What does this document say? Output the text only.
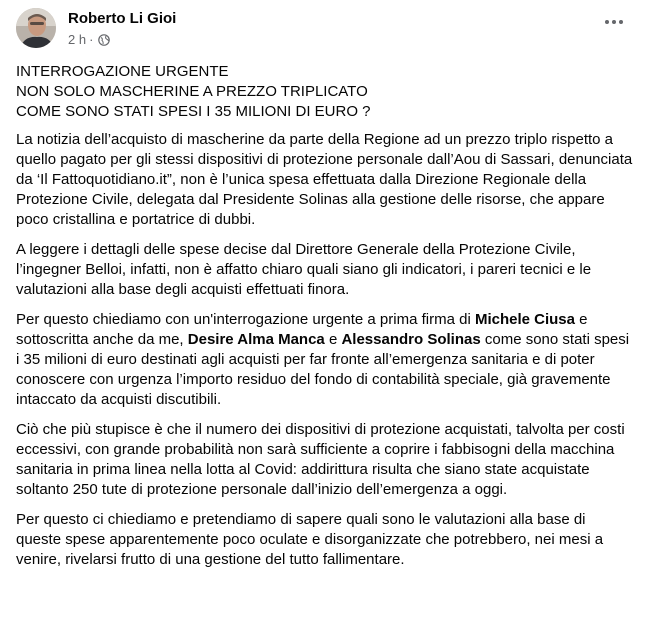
Roberto Li Gioi
2 h ·
INTERROGAZIONE URGENTE
NON SOLO MASCHERINE A PREZZO TRIPLICATO
COME SONO STATI SPESI I 35 MILIONI DI EURO ?

La notizia dell’acquisto di mascherine da parte della Regione ad un prezzo triplo rispetto a quello pagato per gli stessi dispositivi di protezione personale dall’Aou di Sassari, denunciata da ‘Il Fattoquotidiano.it”, non è l’unica spesa effettuata dalla Direzione Regionale della Protezione Civile, delegata dal Presidente Solinas alla gestione delle risorse, che appare poco cristallina e portatrice di dubbi.

A leggere i dettagli delle spese decise dal Direttore Generale della Protezione Civile, l’ingegner Belloi, infatti, non è affatto chiaro quali siano gli indicatori, i pareri tecnici e le valutazioni alla base degli acquisti effettuati finora.

Per questo chiediamo con un'interrogazione urgente a prima firma di Michele Ciusa e sottoscritta anche da me, Desire Alma Manca e Alessandro Solinas come sono stati spesi i 35 milioni di euro destinati agli acquisti per far fronte all’emergenza sanitaria e di poter conoscere con urgenza l’importo residuo del fondo di contabilità speciale, già gravemente intaccato da acquisti discutibili.

Ciò che più stupisce è che il numero dei dispositivi di protezione acquistati, talvolta per costi eccessivi, con grande probabilità non sarà sufficiente a coprire i fabbisogni della macchina sanitaria in prima linea nella lotta al Covid: addirittura risulta che siano state acquistate soltanto 250 tute di protezione personale dall’inizio dell’emergenza a oggi.

Per questo ci chiediamo e pretendiamo di sapere quali sono le valutazioni alla base di queste spese apparentemente poco oculate e disorganizzate che potrebbero, nei mesi a venire, rivelarsi frutto di una gestione del tutto fallimentare.
